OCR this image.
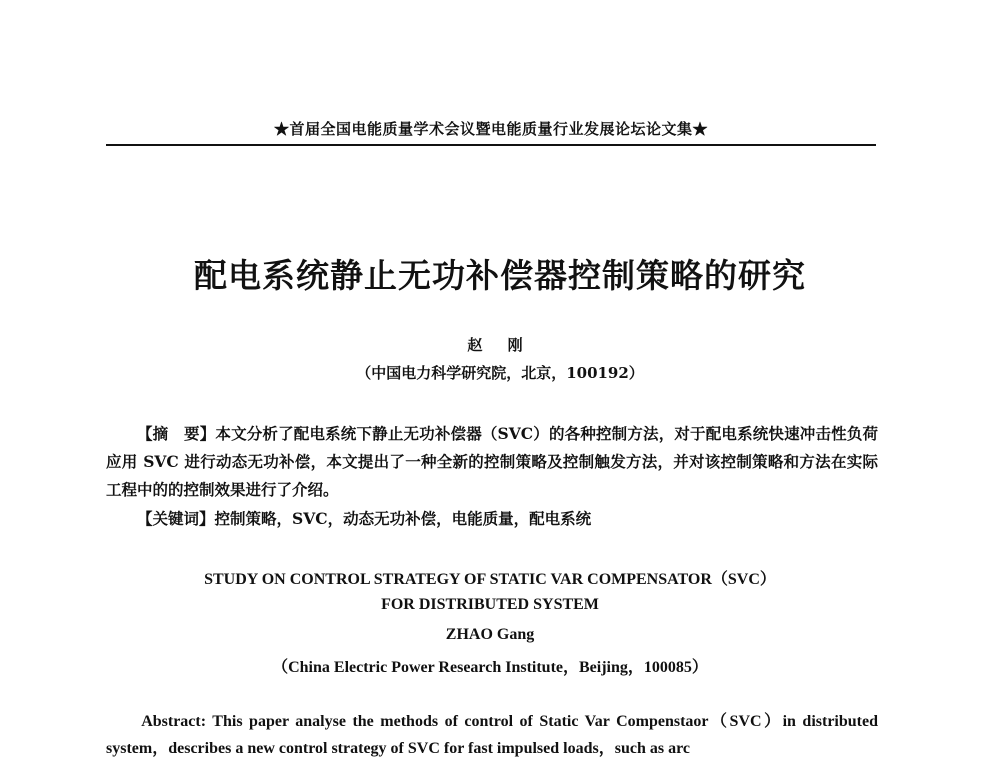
★首届全国电能质量学术会议暨电能质量行业发展论坛论文集★
配电系统静止无功补偿器控制策略的研究
赵 刚
（中国电力科学研究院，北京，100192）
【摘　要】本文分析了配电系统下静止无功补偿器（SVC）的各种控制方法，对于配电系统快速冲击性负荷应用 SVC 进行动态无功补偿，本文提出了一种全新的控制策略及控制触发方法，并对该控制策略和方法在实际工程中的的控制效果进行了介绍。
【关键词】控制策略，SVC，动态无功补偿，电能质量，配电系统
STUDY ON CONTROL STRATEGY OF STATIC VAR COMPENSATOR（SVC）
FOR DISTRIBUTED SYSTEM
ZHAO Gang
（China Electric Power Research Institute，Beijing，100085）
Abstract: This paper analyse the methods of control of Static Var Compenstaor（SVC）in distributed system，describes a new control strategy of SVC for fast impulsed loads，such as arc
